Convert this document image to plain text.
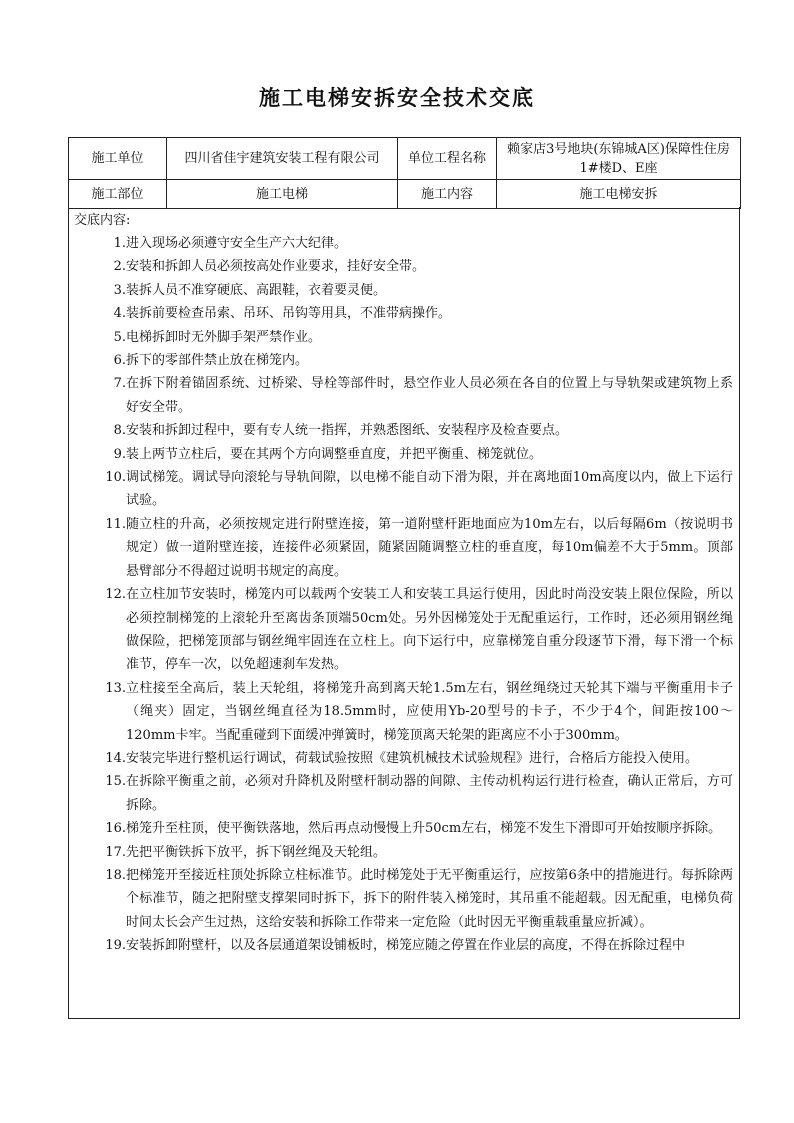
施工电梯安拆安全技术交底
施工单位	四川省佳宇建筑安装工程有限公司	单位工程名称	赖家店3号地块(东锦城A区)保障性住房1#楼D、E座
施工部位	施工电梯	施工内容	施工电梯安拆
交底内容:
1. 进入现场必须遵守安全生产六大纪律。
2. 安装和拆卸人员必须按高处作业要求，挂好安全带。
3. 装拆人员不准穿硬底、高跟鞋，衣着要灵便。
4. 装拆前要检查吊索、吊环、吊钩等用具，不准带病操作。
5. 电梯拆卸时无外脚手架严禁作业。
6. 拆下的零部件禁止放在梯笼内。
7. 在拆下附着锚固系统、过桥梁、导栓等部件时，悬空作业人员必须在各自的位置上与导轨架或建筑物上系好安全带。
8. 安装和拆卸过程中，要有专人统一指挥，并熟悉图纸、安装程序及检查要点。
9. 装上两节立柱后，要在其两个方向调整垂直度，并把平衡重、梯笼就位。
10. 调试梯笼。调试导向滚轮与导轨间隙，以电梯不能自动下滑为限，并在离地面10m高度以内，做上下运行试验。
11. 随立柱的升高，必须按规定进行附壁连接，第一道附壁杆距地面应为10m左右，以后每隔6m（按说明书规定）做一道附壁连接，连接件必须紧固，随紧固随调整立柱的垂直度，每10m偏差不大于5mm。顶部悬臂部分不得超过说明书规定的高度。
12. 在立柱加节安装时，梯笼内可以载两个安装工人和安装工具运行使用，因此时尚没安装上限位保险，所以必须控制梯笼的上滚轮升至离齿条顶端50cm处。另外因梯笼处于无配重运行，工作时，还必须用钢丝绳做保险，把梯笼顶部与钢丝绳牢固连在立柱上。向下运行中，应靠梯笼自重分段逐节下滑，每下滑一个标准节，停车一次，以免超速刹车发热。
13. 立柱接至全高后，装上天轮组，将梯笼升高到离天轮1.5m左右，钢丝绳绕过天轮其下端与平衡重用卡子（绳夹）固定，当钢丝绳直径为18.5mm时，应使用Yb-20型号的卡子，不少于4个，间距按100～120mm卡牢。当配重碰到下面缓冲弹簧时，梯笼顶离天轮架的距离应不小于300mm。
14. 安装完毕进行整机运行调试，荷载试验按照《建筑机械技术试验规程》进行，合格后方能投入使用。
15. 在拆除平衡重之前，必须对升降机及附壁杆制动器的间隙、主传动机构运行进行检查，确认正常后，方可拆除。
16. 梯笼升至柱顶，使平衡铁落地，然后再点动慢慢上升50cm左右，梯笼不发生下滑即可开始按顺序拆除。
17. 先把平衡铁拆下放平，拆下钢丝绳及天轮组。
18. 把梯笼开至接近柱顶处拆除立柱标准节。此时梯笼处于无平衡重运行，应按第6条中的措施进行。每拆除两个标准节，随之把附壁支撑架同时拆下，拆下的附件装入梯笼时，其吊重不能超载。因无配重，电梯负荷时间太长会产生过热，这给安装和拆除工作带来一定危险（此时因无平衡重载重量应折减）。
19. 安装拆卸附壁杆，以及各层通道架设铺板时，梯笼应随之停置在作业层的高度，不得在拆除过程中
